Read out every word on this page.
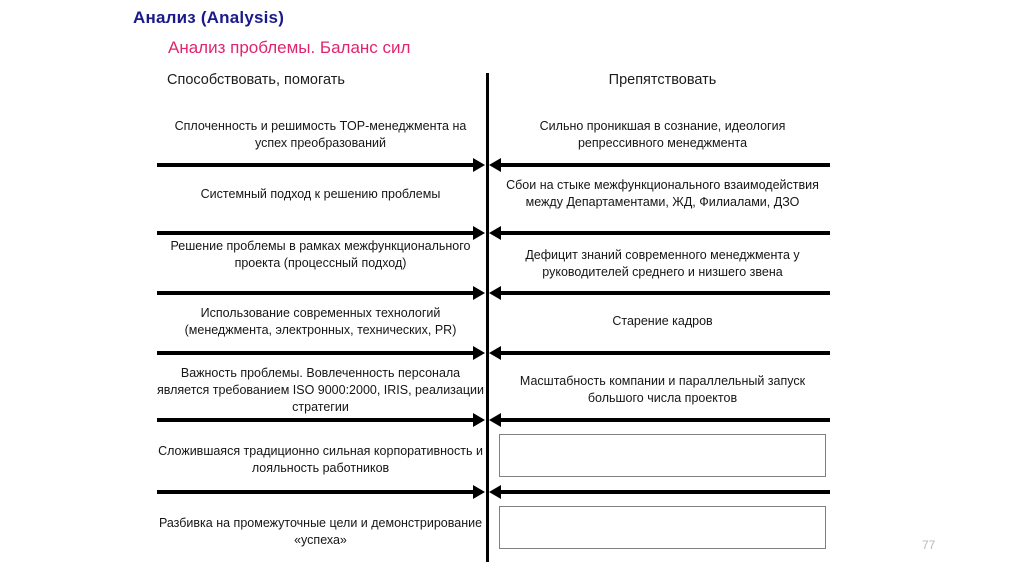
Анализ (Analysis)
Анализ проблемы. Баланс сил
Способствовать, помогать	Препятствовать
Сплоченность и решимость TOP-менеджмента на успех преобразований
Сильно проникшая в сознание, идеология репрессивного менеджмента
Системный подход к решению проблемы
Сбои на стыке межфункционального взаимодействия между Департаментами, ЖД, Филиалами, ДЗО
Решение проблемы в рамках межфункционального проекта (процессный подход)
Дефицит знаний современного менеджмента у руководителей среднего и низшего звена
Использование современных технологий (менеджмента, электронных, технических, PR)
Старение кадров
Важность проблемы. Вовлеченность персонала является требованием ISO 9000:2000, IRIS, реализации стратегии
Масштабность компании и параллельный запуск большого числа проектов
Сложившаяся традиционно сильная корпоративность и лояльность работников
Разбивка на промежуточные цели и демонстрирование «успеха»	77
